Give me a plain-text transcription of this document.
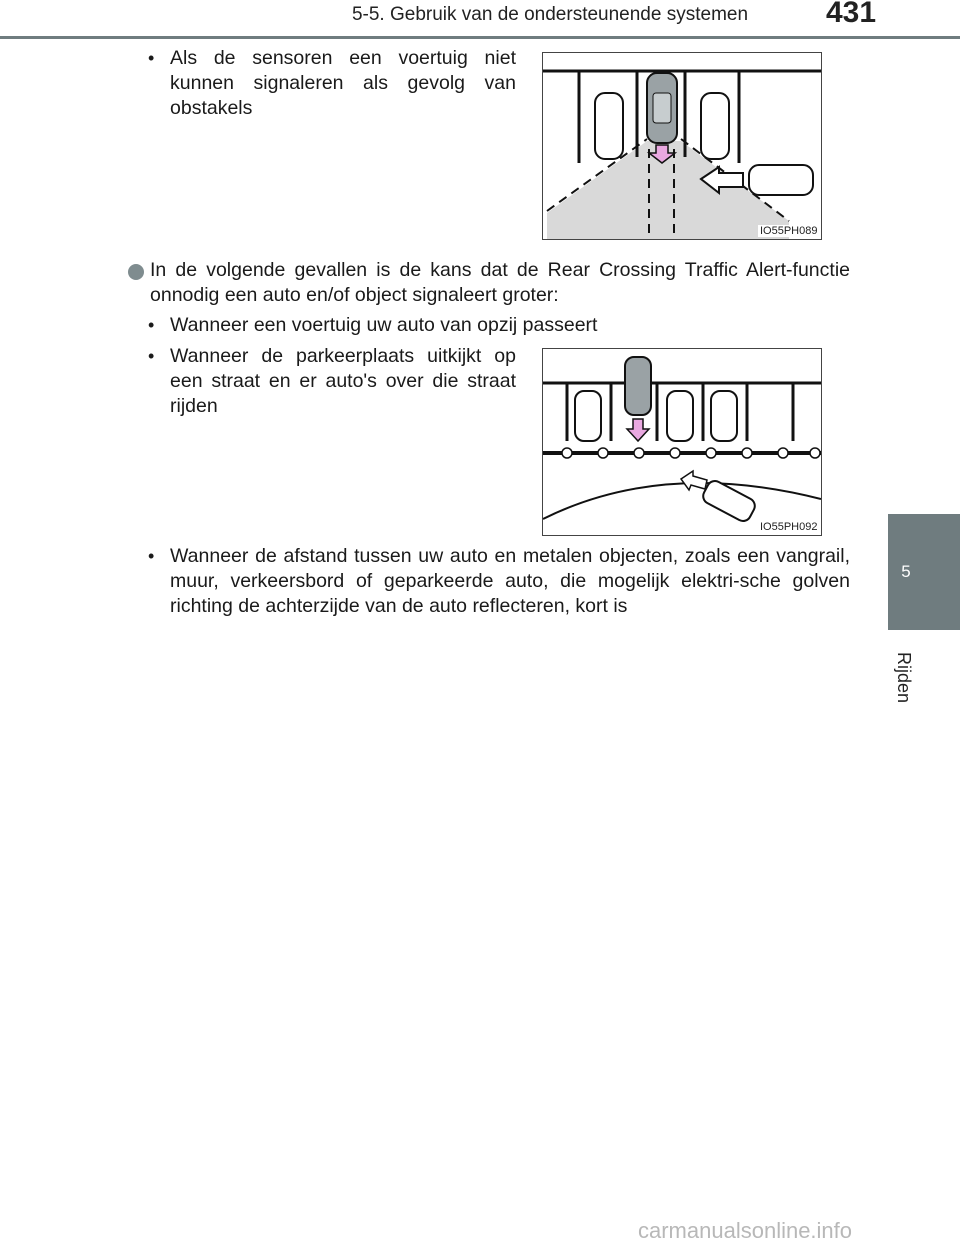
5-5. Gebruik van de ondersteunende systemen	431
5
Rijden
• Als de sensoren een voertuig niet kunnen signaleren als gevolg van obstakels
IO55PH089
In de volgende gevallen is de kans dat de Rear Crossing Traffic Alert-functie onnodig een auto en/of object signaleert groter:
• Wanneer een voertuig uw auto van opzij passeert
• Wanneer de parkeerplaats uitkijkt op een straat en er auto's over die straat rijden
IO55PH092
• Wanneer de afstand tussen uw auto en metalen objecten, zoals een vangrail, muur, verkeersbord of geparkeerde auto, die mogelijk elektri-sche golven richting de achterzijde van de auto reflecteren, kort is
carmanualsonline.info
